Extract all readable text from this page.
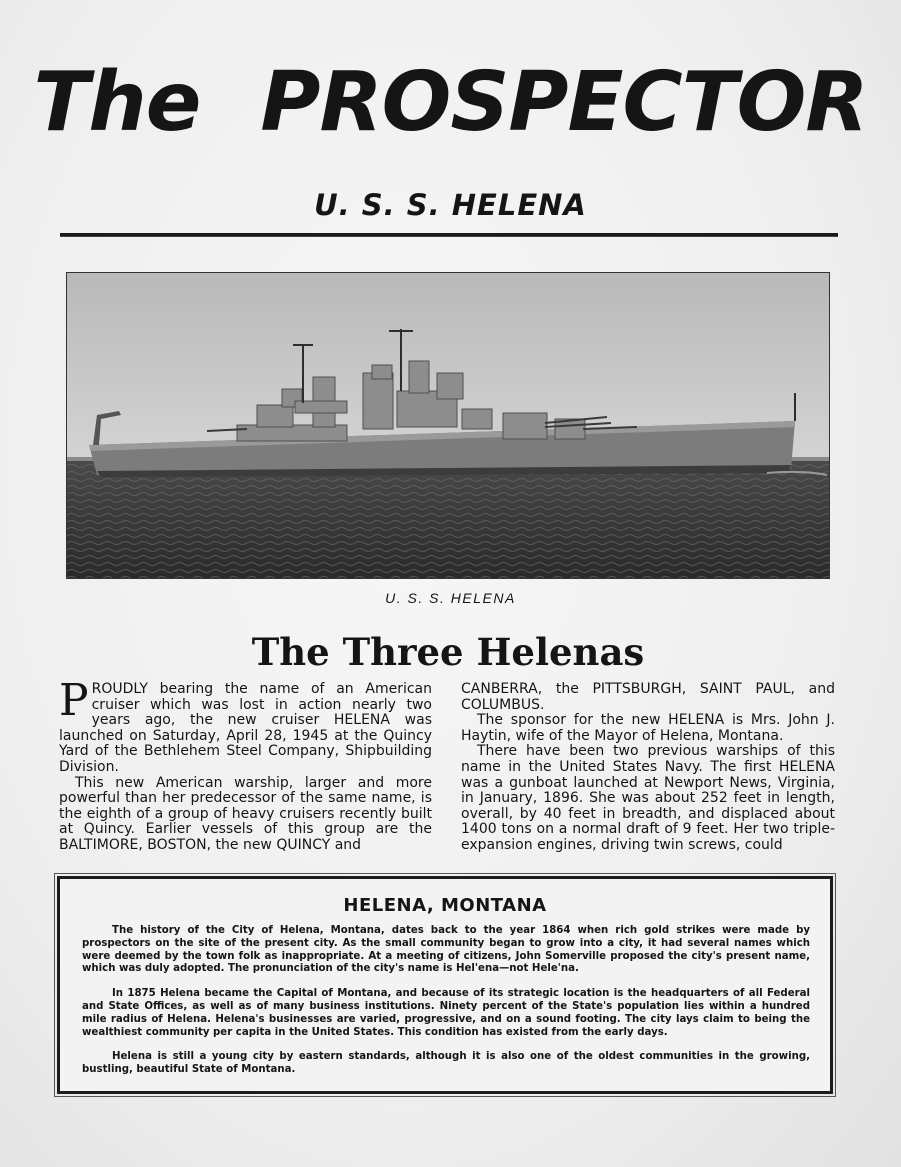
The PROSPECTOR
U. S. S. HELENA
U. S. S. HELENA
The Three Helenas

PROUDLY bearing the name of an American cruiser which was lost in action nearly two years ago, the new cruiser HELENA was launched on Saturday, April 28, 1945 at the Quincy Yard of the Bethlehem Steel Company, Shipbuilding Division.

This new American warship, larger and more powerful than her predecessor of the same name, is the eighth of a group of heavy cruisers recently built at Quincy. Earlier vessels of this group are the BALTIMORE, BOSTON, the new QUINCY and

CANBERRA, the PITTSBURGH, SAINT PAUL, and COLUMBUS.

The sponsor for the new HELENA is Mrs. John J. Haytin, wife of the Mayor of Helena, Montana.

There have been two previous warships of this name in the United States Navy. The first HELENA was a gunboat launched at Newport News, Virginia, in January, 1896. She was about 252 feet in length, overall, by 40 feet in breadth, and displaced about 1400 tons on a normal draft of 9 feet. Her two triple-expansion engines, driving twin screws, could

HELENA, MONTANA

The history of the City of Helena, Montana, dates back to the year 1864 when rich gold strikes were made by prospectors on the site of the present city. As the small community began to grow into a city, it had several names which were deemed by the town folk as inappropriate. At a meeting of citizens, John Somerville proposed the city's present name, which was duly adopted. The pronunciation of the city's name is Hel'ena—not Hele'na.

In 1875 Helena became the Capital of Montana, and because of its strategic location is the headquarters of all Federal and State Offices, as well as of many business institutions. Ninety percent of the State's population lies within a hundred mile radius of Helena. Helena's businesses are varied, progressive, and on a sound footing. The city lays claim to being the wealthiest community per capita in the United States. This condition has existed from the early days.

Helena is still a young city by eastern standards, although it is also one of the oldest communities in the growing, bustling, beautiful State of Montana.
